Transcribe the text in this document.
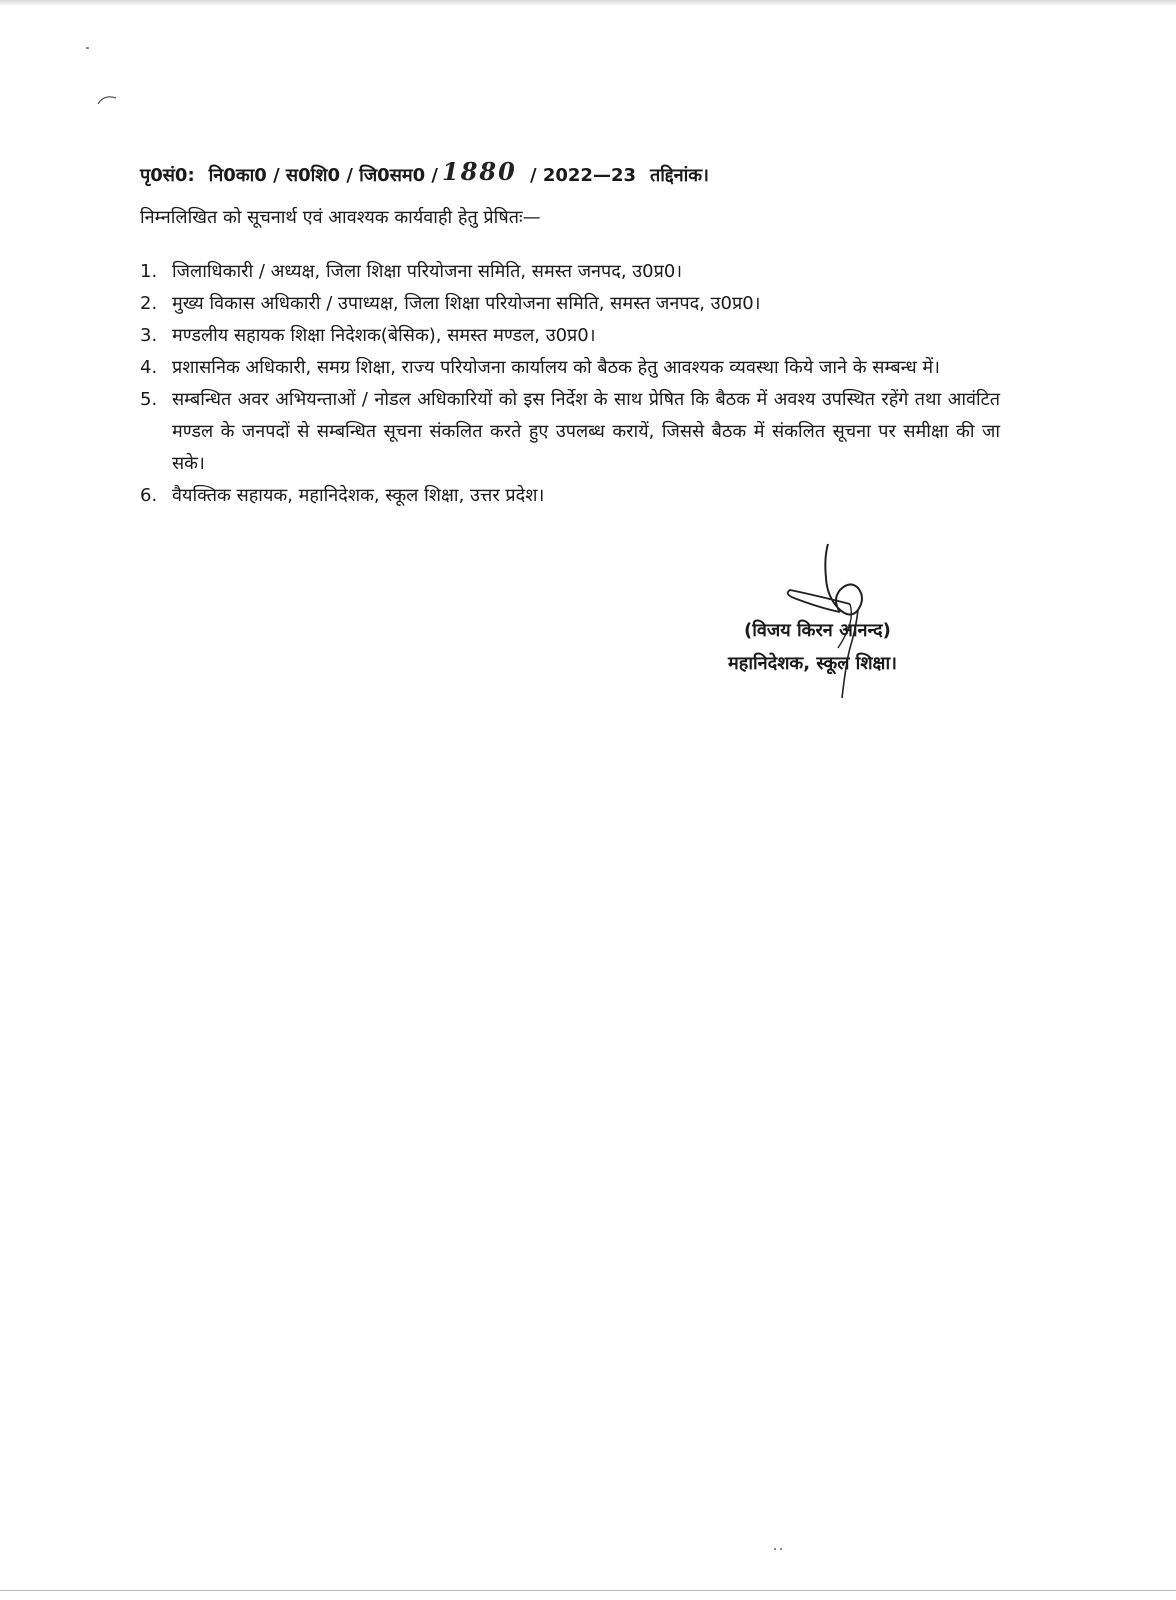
पृ0सं0: नि0का0 / स0शि0 / जि0सम0 / 1880 / 2022—23 तद्दिनांक।
निम्नलिखित को सूचनार्थ एवं आवश्यक कार्यवाही हेतु प्रेषितः—
1. जिलाधिकारी / अध्यक्ष, जिला शिक्षा परियोजना समिति, समस्त जनपद, उ0प्र0।
2. मुख्य विकास अधिकारी / उपाध्यक्ष, जिला शिक्षा परियोजना समिति, समस्त जनपद, उ0प्र0।
3. मण्डलीय सहायक शिक्षा निदेशक(बेसिक), समस्त मण्डल, उ0प्र0।
4. प्रशासनिक अधिकारी, समग्र शिक्षा, राज्य परियोजना कार्यालय को बैठक हेतु आवश्यक व्यवस्था किये जाने के सम्बन्ध में।
5. सम्बन्धित अवर अभियन्ताओं / नोडल अधिकारियों को इस निर्देश के साथ प्रेषित कि बैठक में अवश्य उपस्थित रहेंगे तथा आवंटित मण्डल के जनपदों से सम्बन्धित सूचना संकलित करते हुए उपलब्ध करायें, जिससे बैठक में संकलित सूचना पर समीक्षा की जा सके।
6. वैयक्तिक सहायक, महानिदेशक, स्कूल शिक्षा, उत्तर प्रदेश।
(विजय किरन आनन्द)
महानिदेशक, स्कूल शिक्षा।
